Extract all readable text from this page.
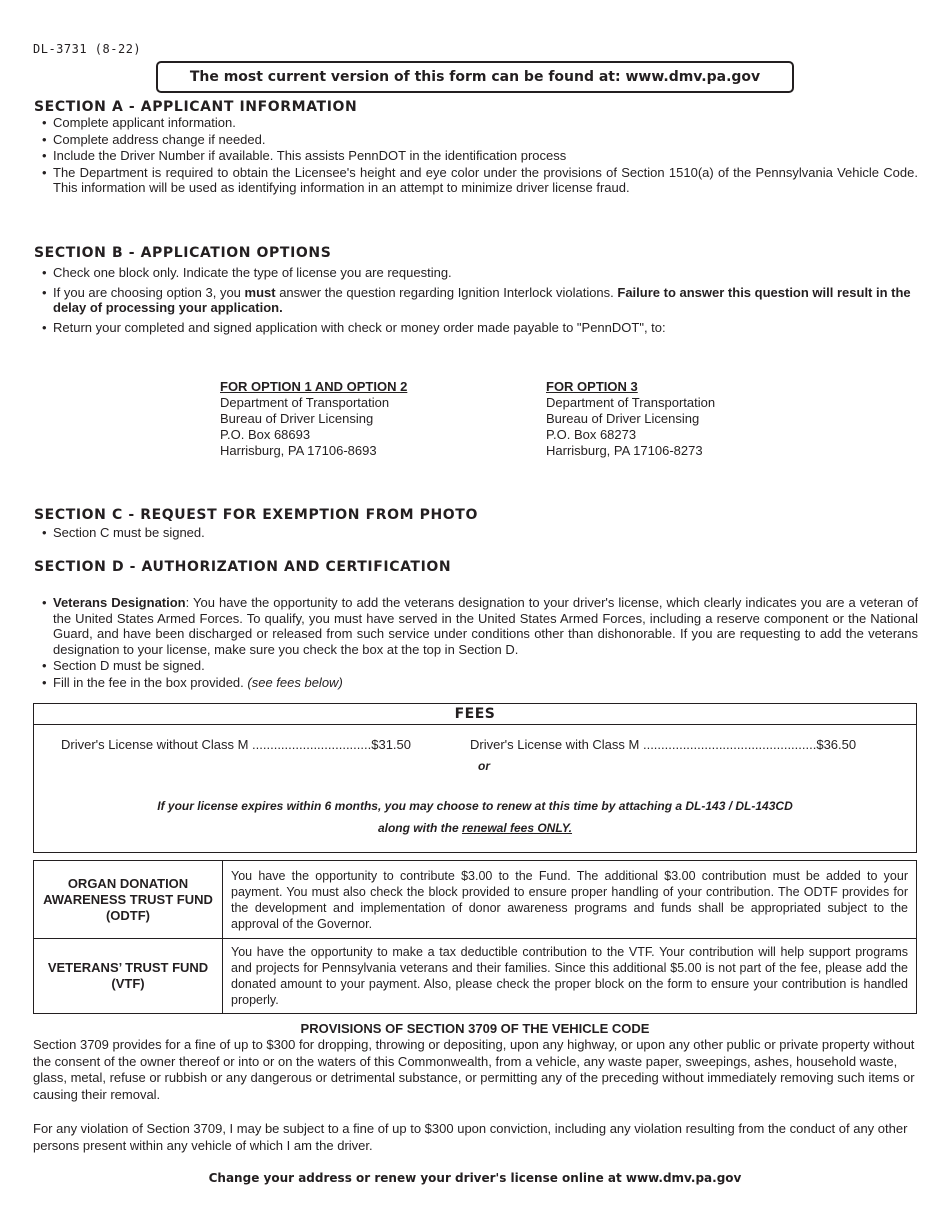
DL-3731 (8-22)
The most current version of this form can be found at: www.dmv.pa.gov
SECTION A - APPLICANT INFORMATION
• Complete applicant information.
• Complete address change if needed.
• Include the Driver Number if available. This assists PennDOT in the identification process
• The Department is required to obtain the Licensee's height and eye color under the provisions of Section 1510(a) of the Pennsylvania Vehicle Code. This information will be used as identifying information in an attempt to minimize driver license fraud.
SECTION B - APPLICATION OPTIONS
• Check one block only. Indicate the type of license you are requesting.
• If you are choosing option 3, you must answer the question regarding Ignition Interlock violations. Failure to answer this question will result in the delay of processing your application.
• Return your completed and signed application with check or money order made payable to "PennDOT", to:
FOR OPTION 1 AND OPTION 2
Department of Transportation
Bureau of Driver Licensing
P.O. Box 68693
Harrisburg, PA 17106-8693
FOR OPTION 3
Department of Transportation
Bureau of Driver Licensing
P.O. Box 68273
Harrisburg, PA 17106-8273
SECTION C - REQUEST FOR EXEMPTION FROM PHOTO
• Section C must be signed.
SECTION D - AUTHORIZATION AND CERTIFICATION
• Veterans Designation: You have the opportunity to add the veterans designation to your driver's license, which clearly indicates you are a veteran of the United States Armed Forces. To qualify, you must have served in the United States Armed Forces, including a reserve component or the National Guard, and have been discharged or released from such service under conditions other than dishonorable. If you are requesting to add the veterans designation to your license, make sure you check the box at the top in Section D.
• Section D must be signed.
• Fill in the fee in the box provided. (see fees below)
FEES
Driver's License without Class M .................................$31.50	Driver's License with Class M ................................................$36.50
or
If your license expires within 6 months, you may choose to renew at this time by attaching a DL-143 / DL-143CD
along with the renewal fees ONLY.
ORGAN DONATION AWARENESS TRUST FUND (ODTF)	You have the opportunity to contribute $3.00 to the Fund. The additional $3.00 contribution must be added to your payment. You must also check the block provided to ensure proper handling of your contribution. The ODTF provides for the development and implementation of donor awareness programs and funds shall be appropriated subject to the approval of the Governor.
VETERANS’ TRUST FUND (VTF)	You have the opportunity to make a tax deductible contribution to the VTF. Your contribution will help support programs and projects for Pennsylvania veterans and their families. Since this additional $5.00 is not part of the fee, please add the donated amount to your payment. Also, please check the proper block on the form to ensure your contribution is handled properly.
PROVISIONS OF SECTION 3709 OF THE VEHICLE CODE
Section 3709 provides for a fine of up to $300 for dropping, throwing or depositing, upon any highway, or upon any other public or private property without the consent of the owner thereof or into or on the waters of this Commonwealth, from a vehicle, any waste paper, sweepings, ashes, household waste, glass, metal, refuse or rubbish or any dangerous or detrimental substance, or permitting any of the preceding without immediately removing such items or causing their removal.
For any violation of Section 3709, I may be subject to a fine of up to $300 upon conviction, including any violation resulting from the conduct of any other persons present within any vehicle of which I am the driver.
Change your address or renew your driver's license online at www.dmv.pa.gov
